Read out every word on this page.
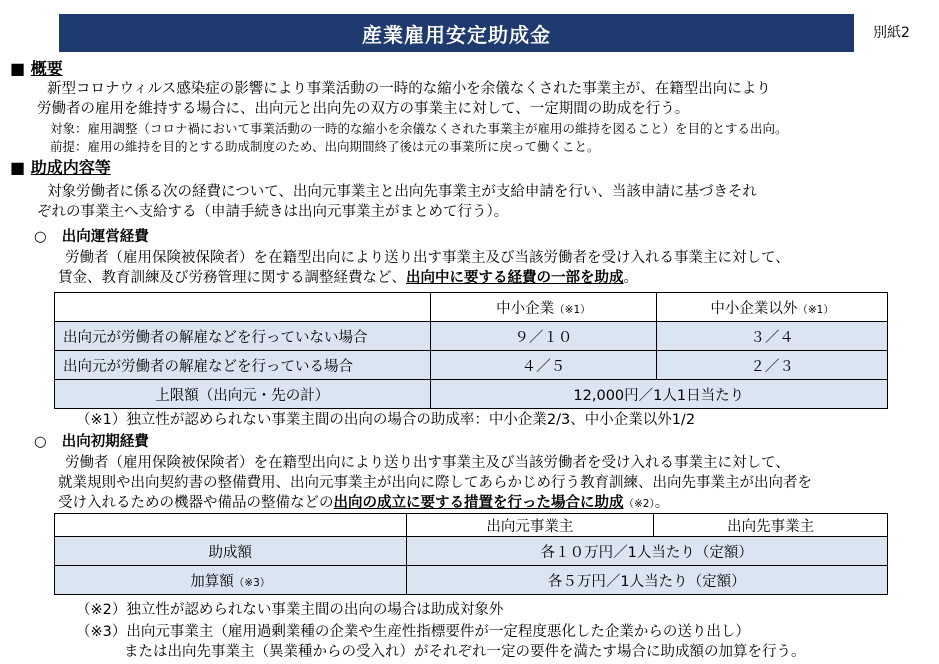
産業雇用安定助成金	別紙2
■ 概要
新型コロナウィルス感染症の影響により事業活動の一時的な縮小を余儀なくされた事業主が、在籍型出向により
労働者の雇用を維持する場合に、出向元と出向先の双方の事業主に対して、一定期間の助成を行う。
対象：雇用調整（コロナ禍において事業活動の一時的な縮小を余儀なくされた事業主が雇用の維持を図ること）を目的とする出向。
前提：雇用の維持を目的とする助成制度のため、出向期間終了後は元の事業所に戻って働くこと。
■ 助成内容等
対象労働者に係る次の経費について、出向元事業主と出向先事業主が支給申請を行い、当該申請に基づきそれ
ぞれの事業主へ支給する（申請手続きは出向元事業主がまとめて行う）。
○ 出向運営経費
労働者（雇用保険被保険者）を在籍型出向により送り出す事業主及び当該労働者を受け入れる事業主に対して、
賃金、教育訓練及び労務管理に関する調整経費など、出向中に要する経費の一部を助成。
	中小企業（※1）	中小企業以外（※1）
出向元が労働者の解雇などを行っていない場合	９／１０	３／４
出向元が労働者の解雇などを行っている場合	４／５	２／３
上限額（出向元・先の計）	12,000円／1人1日当たり	
（※1）独立性が認められない事業主間の出向の場合の助成率：中小企業2/3、中小企業以外1/2
○ 出向初期経費
労働者（雇用保険被保険者）を在籍型出向により送り出す事業主及び当該労働者を受け入れる事業主に対して、
就業規則や出向契約書の整備費用、出向元事業主が出向に際してあらかじめ行う教育訓練、出向先事業主が出向者を
受け入れるための機器や備品の整備などの出向の成立に要する措置を行った場合に助成（※2）。
	出向元事業主	出向先事業主
助成額	各１０万円／1人当たり（定額）	
加算額（※3）	各５万円／1人当たり（定額）	
（※2）独立性が認められない事業主間の出向の場合は助成対象外
（※3）出向元事業主（雇用過剰業種の企業や生産性指標要件が一定程度悪化した企業からの送り出し）
または出向先事業主（異業種からの受入れ）がそれぞれ一定の要件を満たす場合に助成額の加算を行う。
